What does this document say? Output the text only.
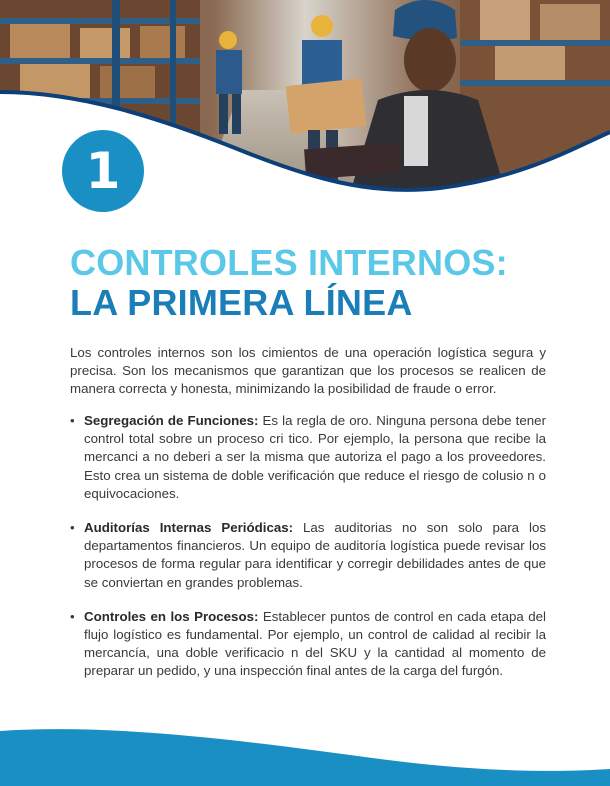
1
CONTROLES INTERNOS:
LA PRIMERA LÍNEA

Los controles internos son los cimientos de una operación logística segura y precisa. Son los mecanismos que garantizan que los procesos se realicen de manera correcta y honesta, minimizando la posibilidad de fraude o error.

• Segregación de Funciones: Es la regla de oro. Ninguna persona debe tener control total sobre un proceso cri tico. Por ejemplo, la persona que recibe la mercanci a no deberi a ser la misma que autoriza el pago a los proveedores. Esto crea un sistema de doble verificación que reduce el riesgo de colusio n o equivocaciones.
• Auditorías Internas Periódicas: Las auditorias no son solo para los departamentos financieros. Un equipo de auditoría logística puede revisar los procesos de forma regular para identificar y corregir debilidades antes de que se conviertan en grandes problemas.
• Controles en los Procesos: Establecer puntos de control en cada etapa del flujo logístico es fundamental. Por ejemplo, un control de calidad al recibir la mercancía, una doble verificacio n del SKU y la cantidad al momento de preparar un pedido, y una inspección final antes de la carga del furgón.
